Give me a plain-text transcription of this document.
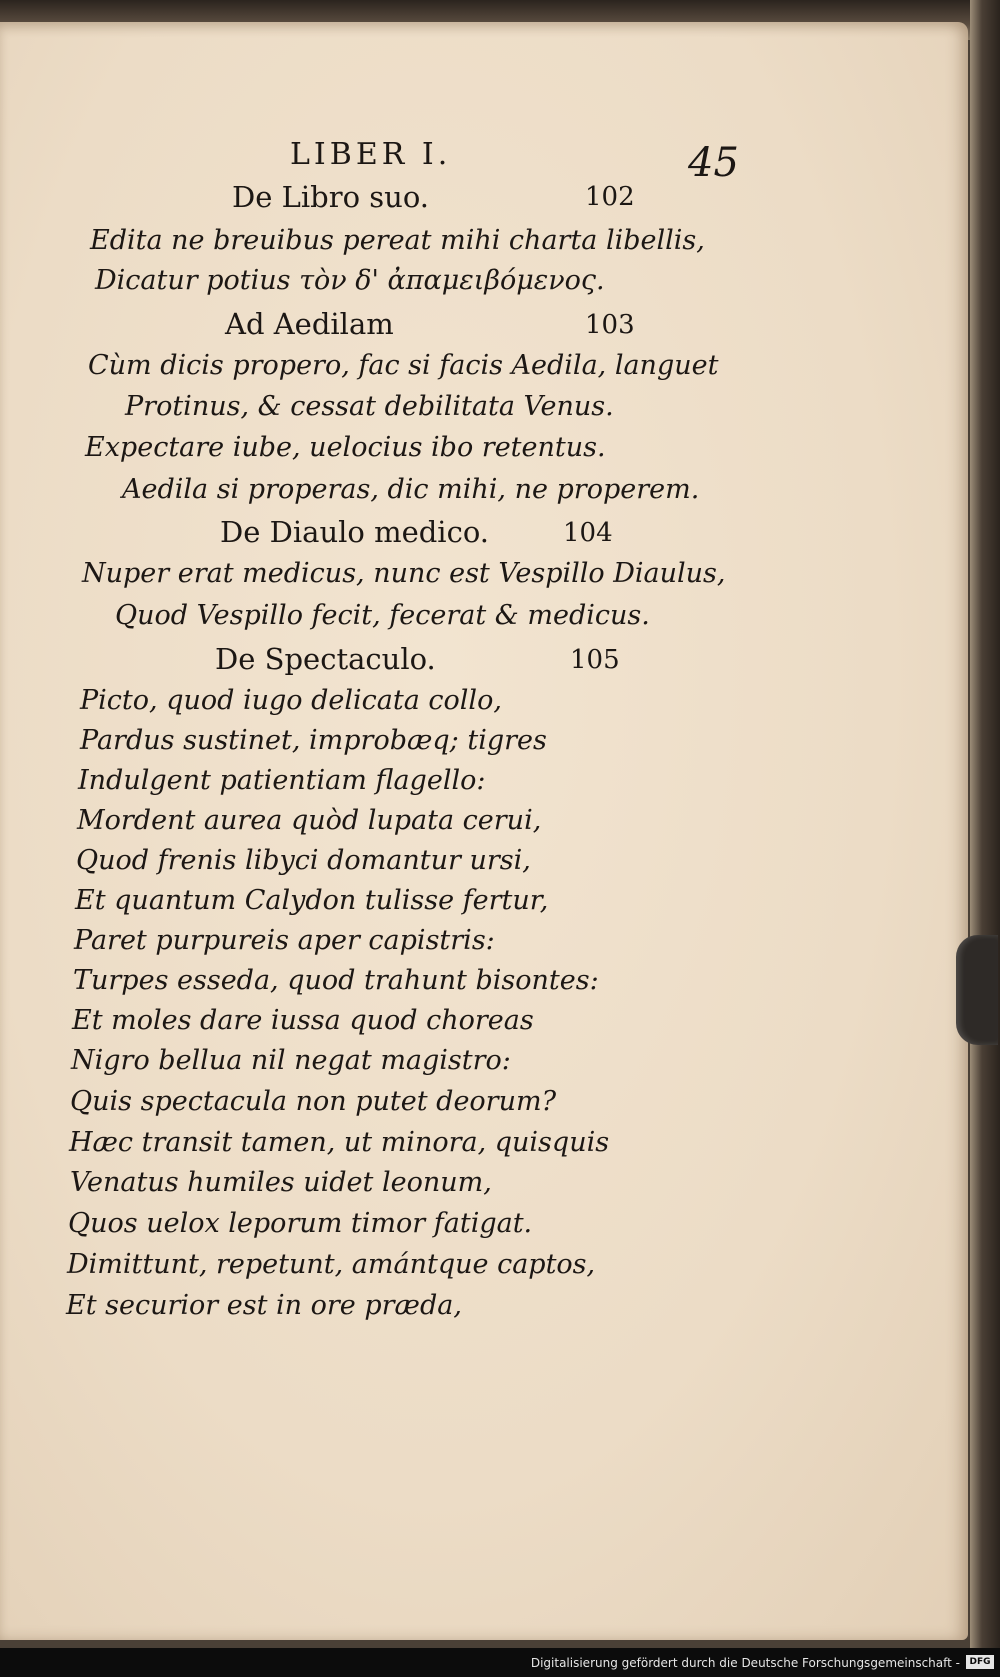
LIBER I.	45
De Libro suo.	102
Edita ne breuibus pereat mihi charta libellis,
Dicatur potius τὸν δ' ἀπαμειβόμενος.
Ad Aedilam	103
Cùm dicis propero, fac si facis Aedila, languet
Protinus, & cessat debilitata Venus.
Expectare iube, uelocius ibo retentus.
Aedila si properas, dic mihi, ne properem.
De Diaulo medico.	104
Nuper erat medicus, nunc est Vespillo Diaulus,
Quod Vespillo fecit, fecerat & medicus.
De Spectaculo.	105
Picto, quod iugo delicata collo,
Pardus sustinet, improbæq; tigres
Indulgent patientiam flagello:
Mordent aurea quòd lupata cerui,
Quod frenis libyci domantur ursi,
Et quantum Calydon tulisse fertur,
Paret purpureis aper capistris:
Turpes esseda, quod trahunt bisontes:
Et moles dare iussa quod choreas
Nigro bellua nil negat magistro:
Quis spectacula non putet deorum?
Hæc transit tamen, ut minora, quisquis
Venatus humiles uidet leonum,
Quos uelox leporum timor fatigat.
Dimittunt, repetunt, amántque captos,
Et securior est in ore præda,
Digitalisierung gefördert durch die Deutsche Forschungsgemeinschaft -	DFG
